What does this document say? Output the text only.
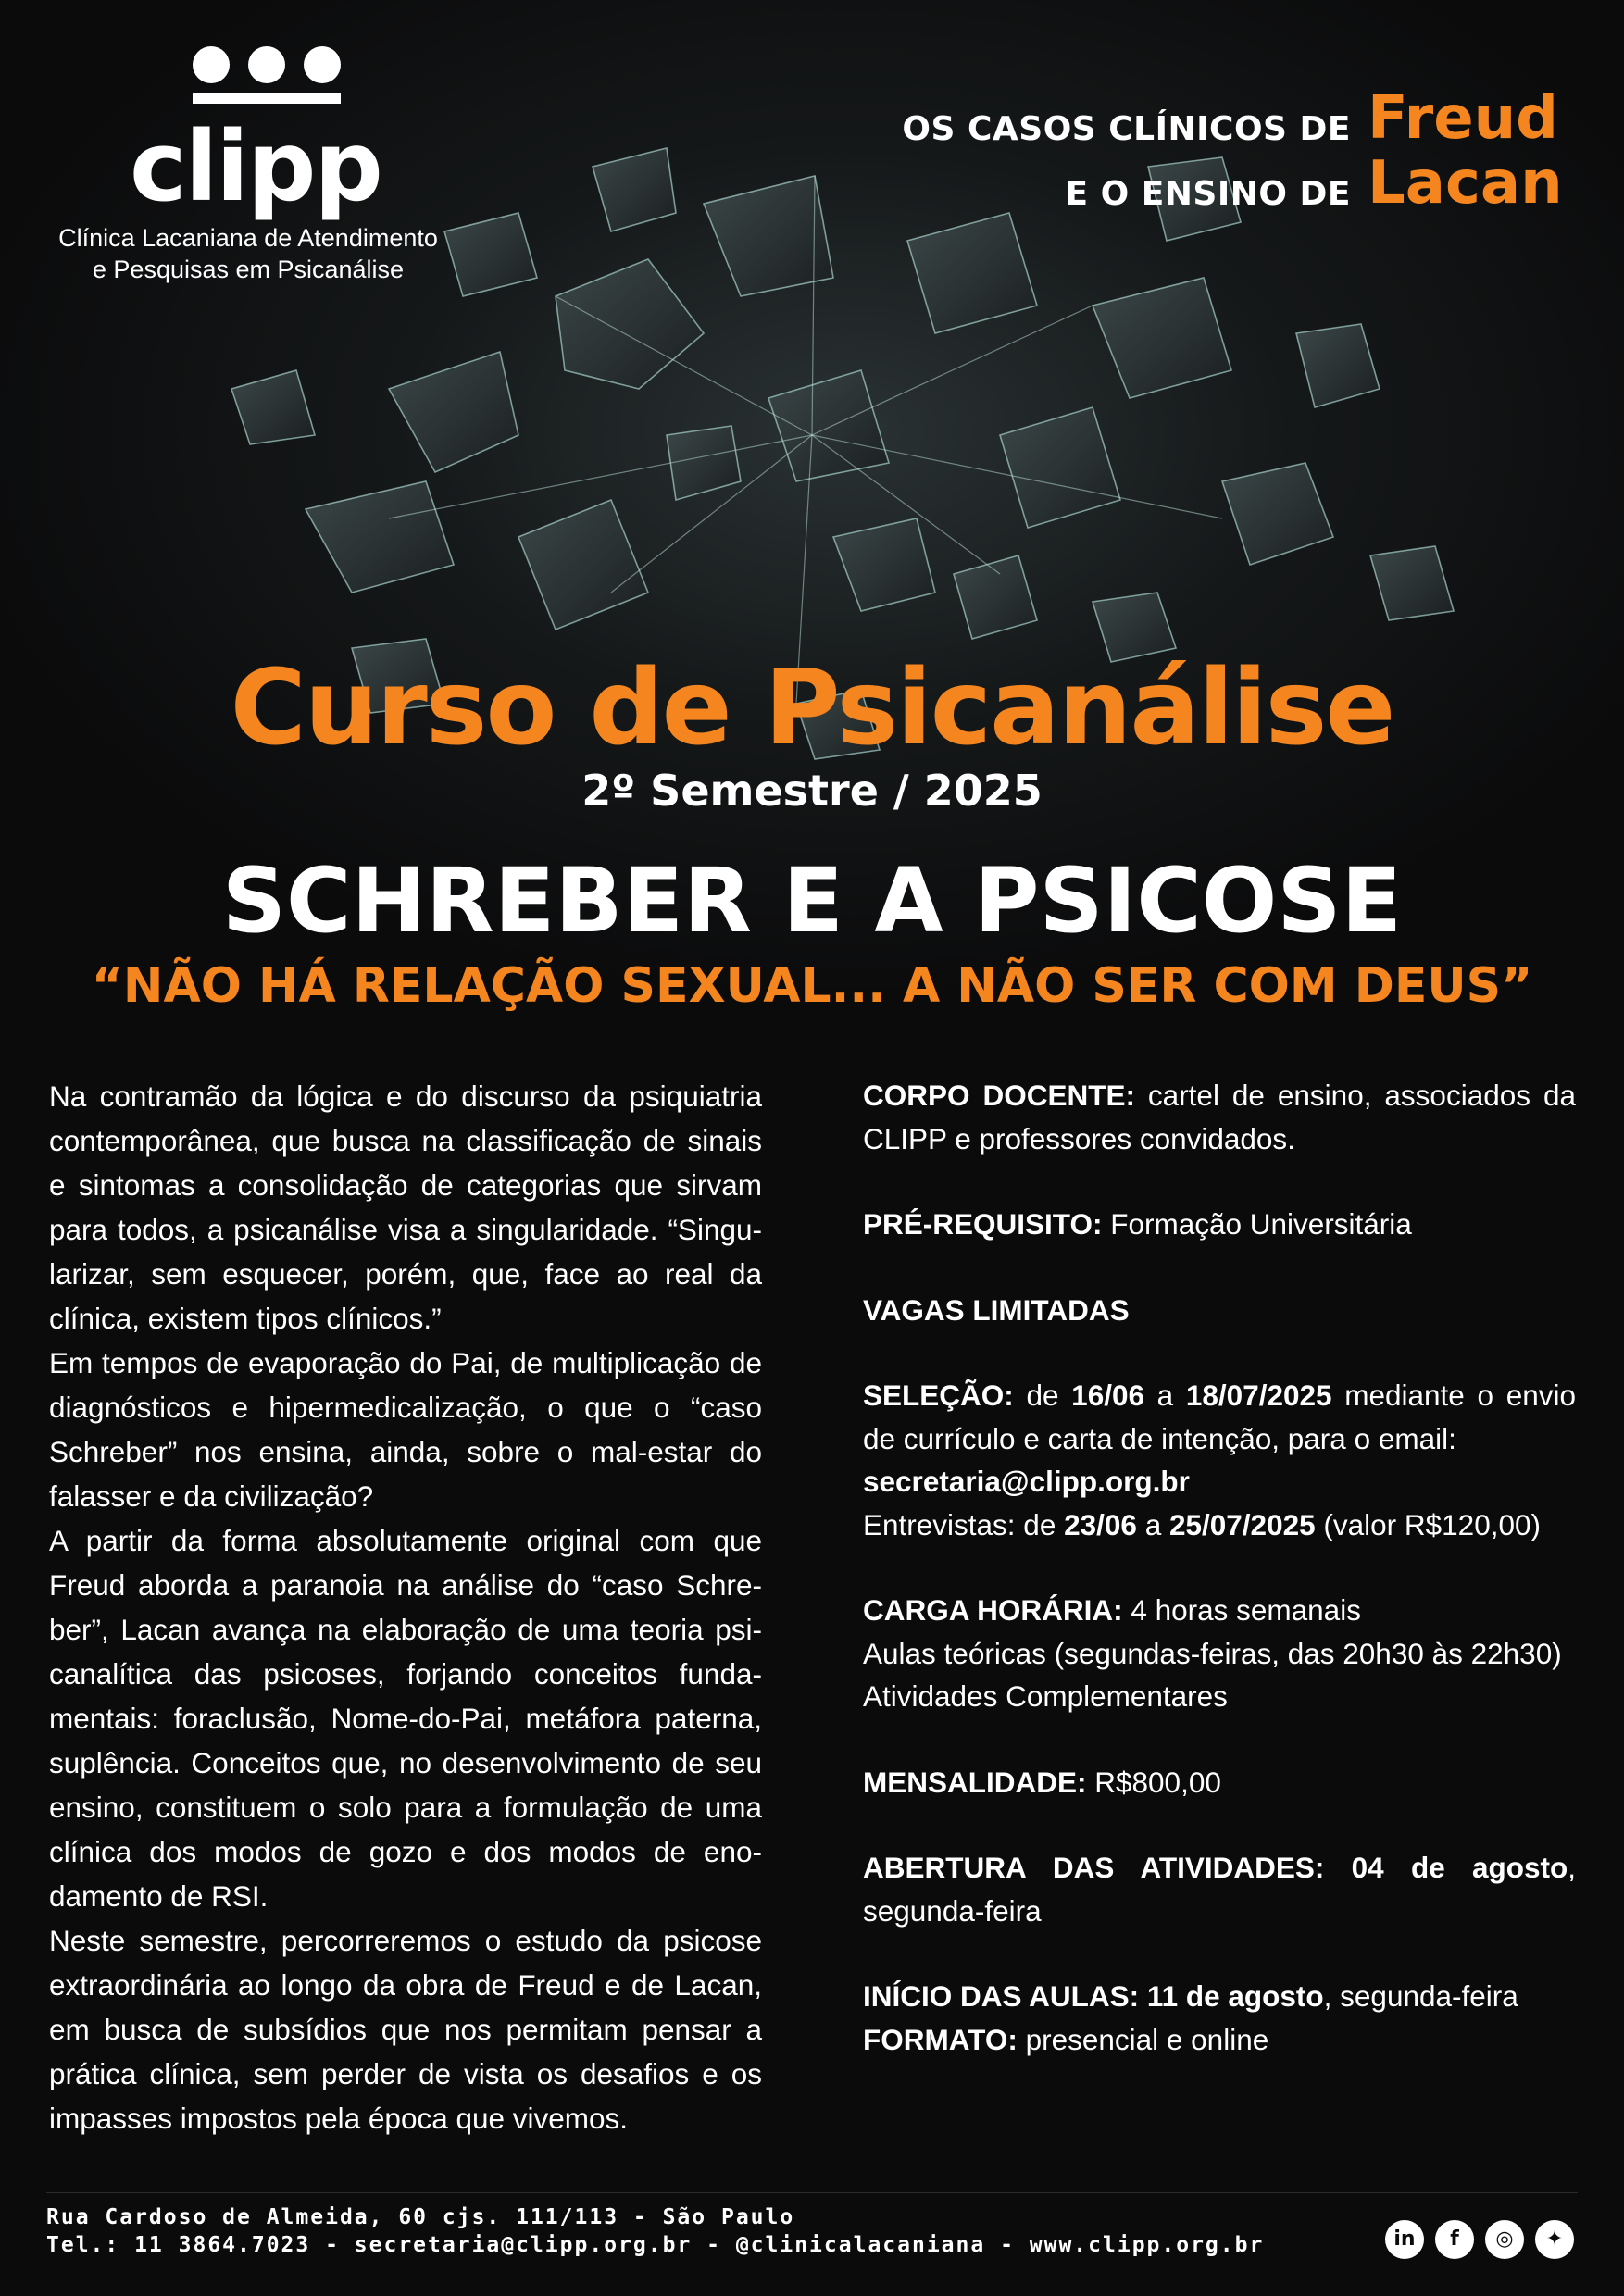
clipp
Clínica Lacaniana de Atendimento
e Pesquisas em Psicanálise
OS CASOS CLÍNICOS DE Freud
E O ENSINO DE Lacan
Curso de Psicanálise
2º Semestre / 2025
SCHREBER E A PSICOSE
“NÃO HÁ RELAÇÃO SEXUAL... A NÃO SER COM DEUS”

Na contramão da lógica e do discurso da psiquiatria contemporânea, que busca na classificação de sinais e sintomas a consolidação de categorias que sirvam para todos, a psicanálise visa a singularidade. “Singularizar, sem esquecer, porém, que, face ao real da clínica, existem tipos clínicos.”

Em tempos de evaporação do Pai, de multiplicação de diagnósticos e hipermedicalização, o que o “caso Schreber” nos ensina, ainda, sobre o mal-estar do falasser e da civilização?

A partir da forma absolutamente original com que Freud aborda a paranoia na análise do “caso Schreber”, Lacan avança na elaboração de uma teoria psicanalítica das psicoses, forjando conceitos fundamentais: foraclusão, Nome-do-Pai, metáfora paterna, suplência. Conceitos que, no desenvolvimento de seu ensino, constituem o solo para a formulação de uma clínica dos modos de gozo e dos modos de enodamento de RSI.

Neste semestre, percorreremos o estudo da psicose extraordinária ao longo da obra de Freud e de Lacan, em busca de subsídios que nos permitam pensar a prática clínica, sem perder de vista os desafios e os impasses impostos pela época que vivemos.

CORPO DOCENTE: cartel de ensino, associados da CLIPP e professores convidados.
PRÉ-REQUISITO: Formação Universitária
VAGAS LIMITADAS
SELEÇÃO: de 16/06 a 18/07/2025 mediante o envio de currículo e carta de intenção, para o email:
secretaria@clipp.org.br
Entrevistas: de 23/06 a 25/07/2025 (valor R$120,00)
CARGA HORÁRIA: 4 horas semanais
Aulas teóricas (segundas-feiras, das 20h30 às 22h30)
Atividades Complementares
MENSALIDADE: R$800,00
ABERTURA DAS ATIVIDADES: 04 de agosto, segunda-feira
INÍCIO DAS AULAS: 11 de agosto, segunda-feira
FORMATO: presencial e online
Rua Cardoso de Almeida, 60 cjs. 111/113 - São Paulo
Tel.: 11 3864.7023 - secretaria@clipp.org.br - @clinicalacaniana - www.clipp.org.br	in	f	◎	✦
